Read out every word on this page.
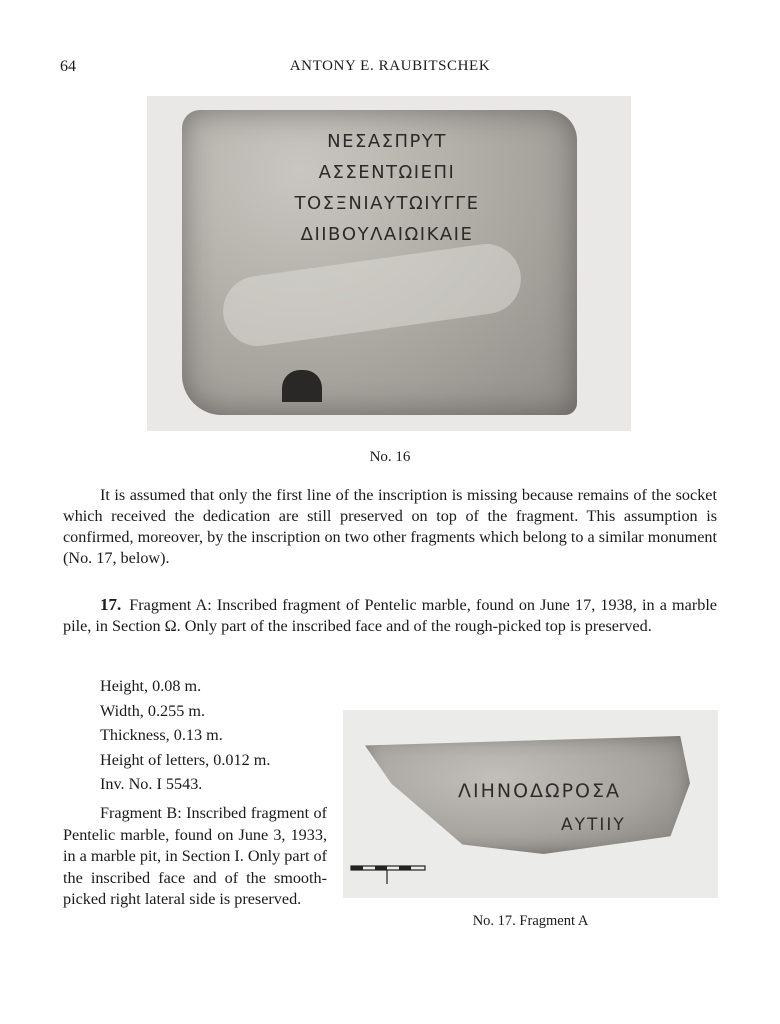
64	ANTONY E. RAUBITSCHEK
ΝΕΣΑΣΠΡΥΤ
ΑΣΣΕΝΤΩΙΕΠΙ
ΤΟΣΞΝΙΑΥΤΩΙΥΓΓΕ
ΔΙΙΒΟΥΛΑΙΩΙΚΑΙΕ
No. 16
It is assumed that only the first line of the inscription is missing because remains of the socket which received the dedication are still preserved on top of the fragment. This assumption is confirmed, moreover, by the inscription on two other fragments which belong to a similar monument (No. 17, below).
17. Fragment A: Inscribed fragment of Pentelic marble, found on June 17, 1938, in a marble pile, in Section Ω. Only part of the inscribed face and of the rough-picked top is preserved.
Height, 0.08 m.
Width, 0.255 m.
Thickness, 0.13 m.
Height of letters, 0.012 m.
Inv. No. I 5543.
Fragment B: Inscribed fragment of Pentelic marble, found on June 3, 1933, in a marble pit, in Section I. Only part of the inscribed face and of the smooth-picked right lateral side is preserved.
ΛΙΗΝΟΔΩΡΟΣΑ
ΑΥΤΙΙΥ
No. 17. Fragment A
